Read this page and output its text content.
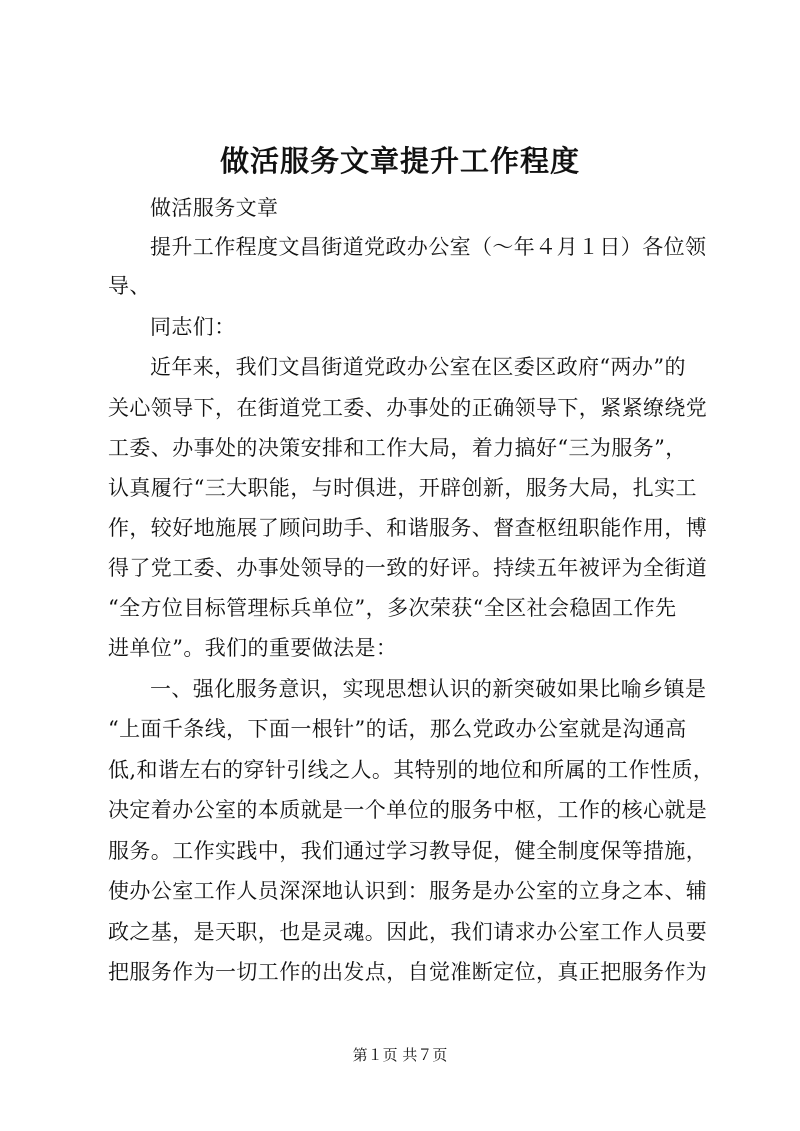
做活服务文章提升工作程度

做活服务文章

提升工作程度文昌街道党政办公室（～年４月１日）各位领

导、

同志们：

近年来，我们文昌街道党政办公室在区委区政府“两办”的

关心领导下，在街道党工委、办事处的正确领导下，紧紧缭绕党

工委、办事处的决策安排和工作大局，着力搞好“三为服务”，

认真履行“三大职能，与时俱进，开辟创新，服务大局，扎实工

作，较好地施展了顾问助手、和谐服务、督查枢纽职能作用，博

得了党工委、办事处领导的一致的好评。持续五年被评为全街道

“全方位目标管理标兵单位”，多次荣获“全区社会稳固工作先

进单位”。我们的重要做法是：

一、强化服务意识，实现思想认识的新突破如果比喻乡镇是

“上面千条线，下面一根针”的话，那么党政办公室就是沟通高

低,和谐左右的穿针引线之人。其特别的地位和所属的工作性质，

决定着办公室的本质就是一个单位的服务中枢，工作的核心就是

服务。工作实践中，我们通过学习教导促，健全制度保等措施，

使办公室工作人员深深地认识到：服务是办公室的立身之本、辅

政之基，是天职，也是灵魂。因此，我们请求办公室工作人员要

把服务作为一切工作的出发点，自觉准断定位，真正把服务作为

第１页 共７页
